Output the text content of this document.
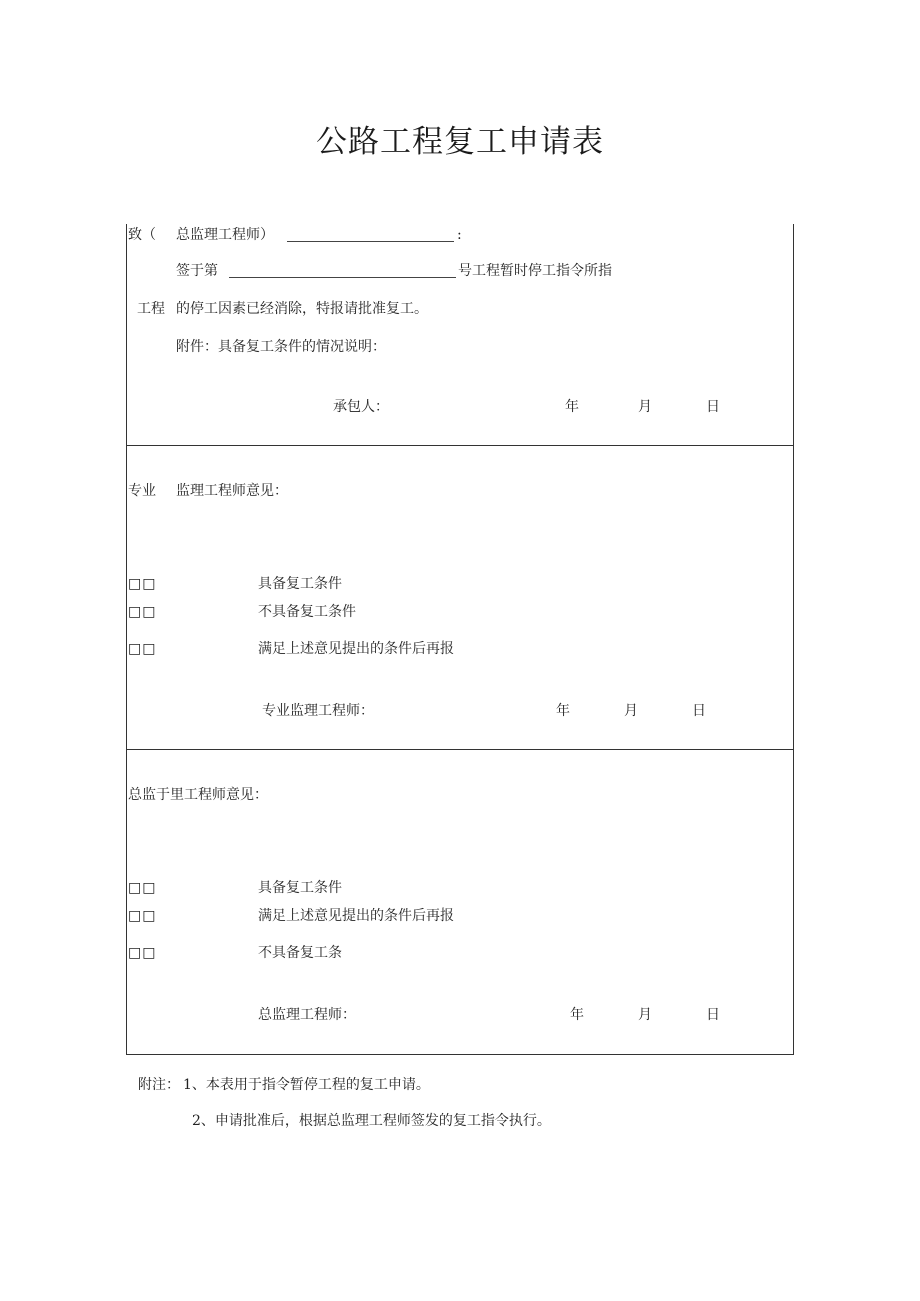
公路工程复工申请表
致（ 总监理工程师）	:
签于第	号工程暂时停工指令所指
工程 的停工因素已经消除，特报请批准复工。
附件：具备复工条件的情况说明：
承包人：	年	月	日
专业 监理工程师意见：
□□	具备复工条件
□□	不具备复工条件
□□	满足上述意见提出的条件后再报
专业监理工程师：	年	月	日
总监于里工程师意见：
□□	具备复工条件
□□	满足上述意见提出的条件后再报
□□	不具备复工条
总监理工程师：	年	月	日
附注： 1、本表用于指令暂停工程的复工申请。
2、申请批准后，根据总监理工程师签发的复工指令执行。
